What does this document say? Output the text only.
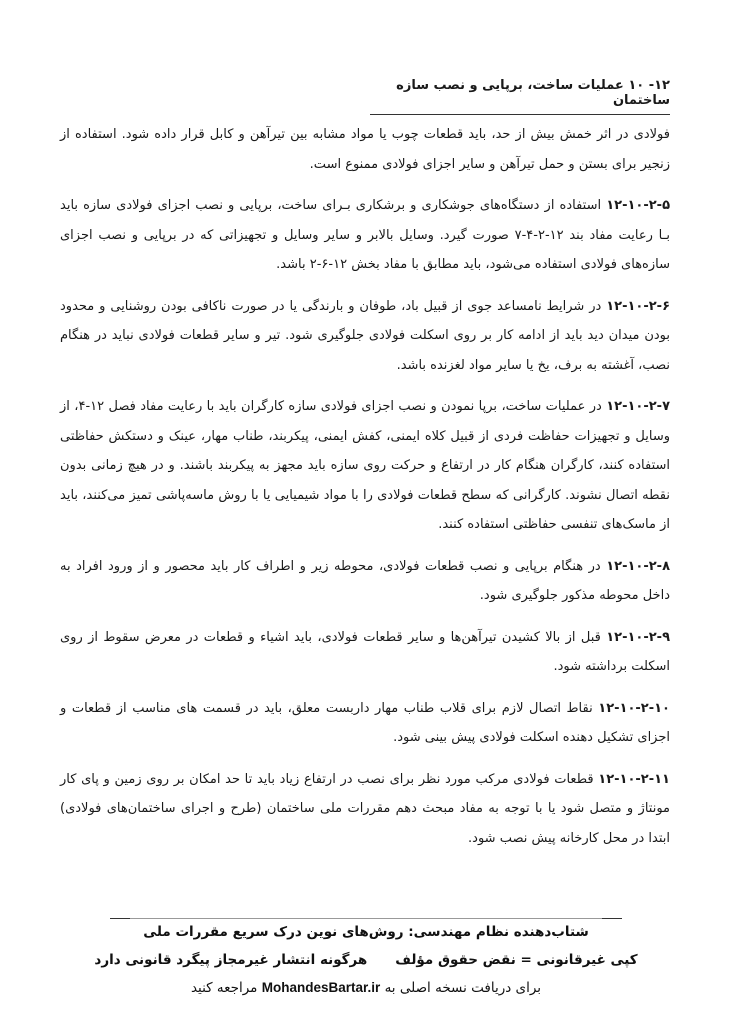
۱۲- ۱۰ عملیات ساخت، برپایی و نصب سازه ساختمان

فولادی در اثر خمش بیش از حد، باید قطعات چوب یا مواد مشابه بین تیرآهن و کابل قرار داده شود. استفاده از زنجیر برای بستن و حمل تیرآهن و سایر اجزای فولادی ممنوع است.

۱۲-۱۰-۲-۵ استفاده از دستگاه‌های جوشکاری و برشکاری بـرای ساخت، برپایی و نصب اجزای فولادی سازه باید بـا رعایت مفاد بند ۱۲-۲-۴-۷ صورت گیرد. وسایل بالابر و سایر وسایل و تجهیزاتی که در برپایی و نصب اجزای سازه‌های فولادی استفاده می‌شود، باید مطابق با مفاد بخش ۱۲-۶-۲ باشد.

۱۲-۱۰-۲-۶ در شرایط نامساعد جوی از قبیل باد، طوفان و بارندگی یا در صورت ناکافی بودن روشنایی و محدود بودن میدان دید باید از ادامه کار بر روی اسکلت فولادی جلوگیری شود. تیر و سایر قطعات فولادی نباید در هنگام نصب، آغشته به برف، یخ یا سایر مواد لغزنده باشد.

۱۲-۱۰-۲-۷ در عملیات ساخت، برپا نمودن و نصب اجزای فولادی سازه کارگران باید با رعایت مفاد فصل ۱۲-۴، از وسایل و تجهیزات حفاظت فردی از قبیل کلاه ایمنی، کفش ایمنی، پیکربند، طناب مهار، عینک و دستکش حفاظتی استفاده کنند، کارگران هنگام کار در ارتفاع و حرکت روی سازه باید مجهز به پیکربند باشند. و در هیچ زمانی بدون نقطه اتصال نشوند. کارگرانی که سطح قطعات فولادی را با مواد شیمیایی یا با روش ماسه‌پاشی تمیز می‌کنند، باید از ماسک‌های تنفسی حفاظتی استفاده کنند.

۱۲-۱۰-۲-۸ در هنگام برپایی و نصب قطعات فولادی، محوطه زیر و اطراف کار باید محصور و از ورود افراد به داخل محوطه مذکور جلوگیری شود.

۱۲-۱۰-۲-۹ قبل از بالا کشیدن تیرآهن‌ها و سایر قطعات فولادی، باید اشیاء و قطعات در معرض سقوط از روی اسکلت برداشته شود.

۱۲-۱۰-۲-۱۰ نقاط اتصال لازم برای قلاب طناب مهار داربست معلق، باید در قسمت های مناسب از قطعات و اجزای تشکیل دهنده اسکلت فولادی پیش بینی شود.

۱۲-۱۰-۲-۱۱ قطعات فولادی مرکب مورد نظر برای نصب در ارتفاع زیاد باید تا حد امکان بر روی زمین و پای کار مونتاژ و متصل شود یا با توجه به مفاد مبحث دهم مقررات ملی ساختمان (طرح و اجرای ساختمان‌های فولادی) ابتدا در محل کارخانه پیش نصب شود.

شتاب‌دهنده نظام مهندسی: روش‌های نوین درک سریع مقررات ملی
کپی غیرقانونی = نقض حقوق مؤلفهرگونه انتشار غیرمجاز پیگرد قانونی دارد
برای دریافت نسخه اصلی به MohandesBartar.ir مراجعه کنید
